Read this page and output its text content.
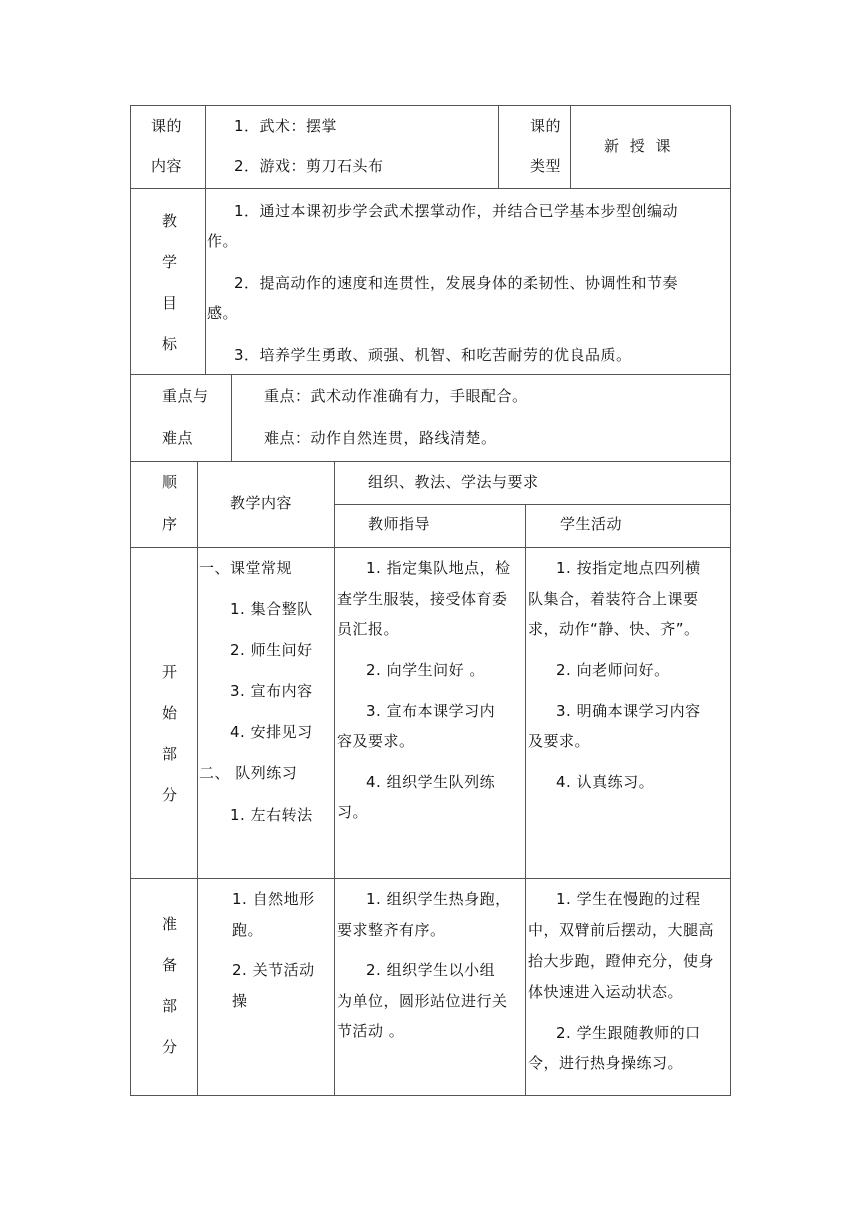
课的
内容
1．武术：摆掌
2．游戏：剪刀石头布
课的
类型
新 授 课
教
学
目
标
1．通过本课初步学会武术摆掌动作，并结合已学基本步型创编动
作。
2．提高动作的速度和连贯性，发展身体的柔韧性、协调性和节奏
感。
3．培养学生勇敢、顽强、机智、和吃苦耐劳的优良品质。
重点与
难点
重点：武术动作准确有力，手眼配合。
难点：动作自然连贯，路线清楚。
顺
序
教学内容
组织、教法、学法与要求
教师指导	学生活动
开
始
部
分
一、课堂常规
1. 集合整队
2. 师生问好
3. 宣布内容
4. 安排见习
二、 队列练习
1. 左右转法
1. 指定集队地点，检
查学生服装，接受体育委
员汇报。
2. 向学生问好 。
3. 宣布本课学习内
容及要求。
4. 组织学生队列练
习。
1. 按指定地点四列横
队集合，着装符合上课要
求，动作“静、快、齐”。
2. 向老师问好。
3. 明确本课学习内容
及要求。
4. 认真练习。
准
备
部
分
1. 自然地形
跑。
2. 关节活动
操
1. 组织学生热身跑，
要求整齐有序。
2. 组织学生以小组
为单位，圆形站位进行关
节活动 。
1. 学生在慢跑的过程
中，双臂前后摆动，大腿高
抬大步跑，蹬伸充分，使身
体快速进入运动状态。
2. 学生跟随教师的口
令，进行热身操练习。
